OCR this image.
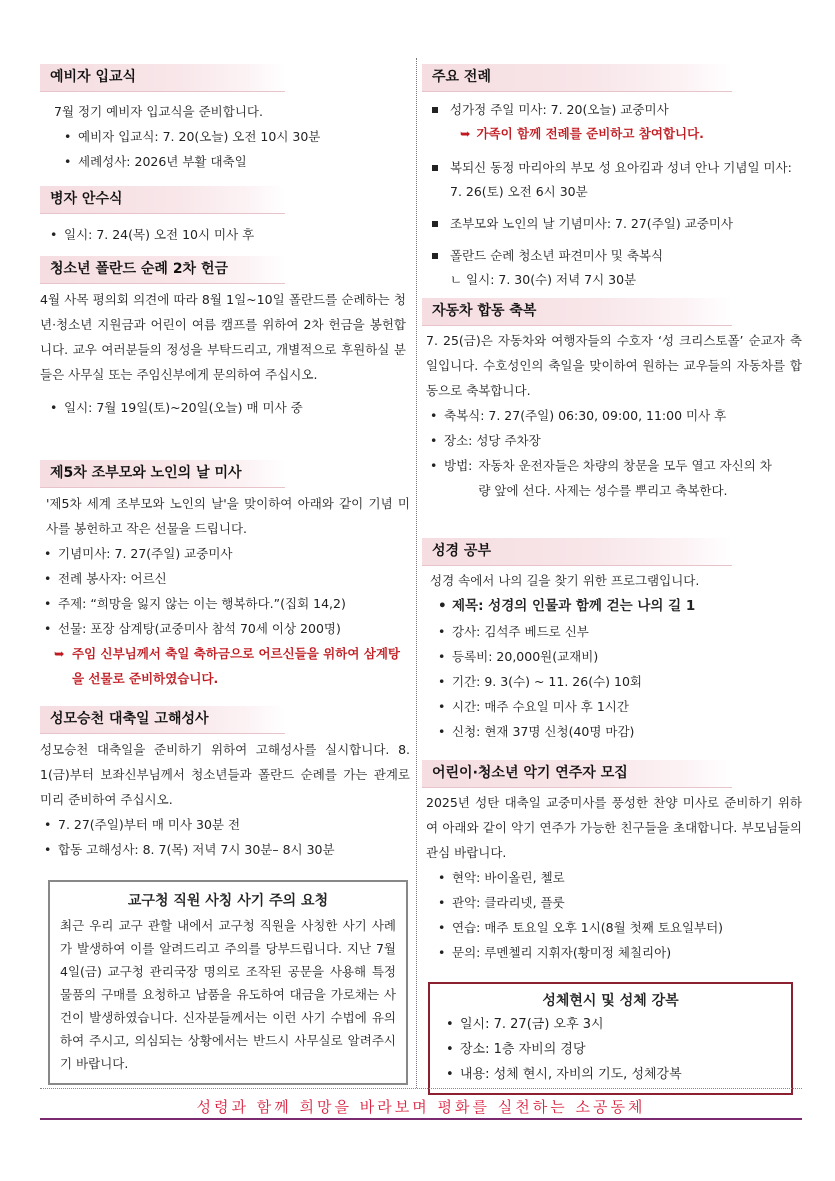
예비자 입교식
7월 정기 예비자 입교식을 준비합니다.
• 예비자 입교식: 7. 20(오늘) 오전 10시 30분
• 세례성사: 2026년 부활 대축일
병자 안수식
• 일시: 7. 24(목) 오전 10시 미사 후
청소년 폴란드 순례 2차 헌금
4월 사목 평의회 의견에 따라 8월 1일~10일 폴란드를 순례하는 청년·청소년 지원금과 어린이 여름 캠프를 위하여 2차 헌금을 봉헌합니다. 교우 여러분들의 정성을 부탁드리고, 개별적으로 후원하실 분들은 사무실 또는 주임신부에게 문의하여 주십시오.
• 일시: 7월 19일(토)~20일(오늘) 매 미사 중
제5차 조부모와 노인의 날 미사
'제5차 세계 조부모와 노인의 날'을 맞이하여 아래와 같이 기념 미사를 봉헌하고 작은 선물을 드립니다.
• 기념미사: 7. 27(주일) 교중미사
• 전례 봉사자: 어르신
• 주제: “희망을 잃지 않는 이는 행복하다.”(집회 14,2)
• 선물: 포장 삼계탕(교중미사 참석 70세 이상 200명)
➥ 주임 신부님께서 축일 축하금으로 어르신들을 위하여 삼계탕을 선물로 준비하였습니다.
성모승천 대축일 고해성사
성모승천 대축일을 준비하기 위하여 고해성사를 실시합니다. 8. 1(금)부터 보좌신부님께서 청소년들과 폴란드 순례를 가는 관계로 미리 준비하여 주십시오.
• 7. 27(주일)부터 매 미사 30분 전
• 합동 고해성사: 8. 7(목) 저녁 7시 30분– 8시 30분
교구청 직원 사칭 사기 주의 요청
최근 우리 교구 관할 내에서 교구청 직원을 사칭한 사기 사례가 발생하여 이를 알려드리고 주의를 당부드립니다. 지난 7월 4일(금) 교구청 관리국장 명의로 조작된 공문을 사용해 특정 물품의 구매를 요청하고 납품을 유도하여 대금을 가로채는 사건이 발생하였습니다. 신자분들께서는 이런 사기 수법에 유의하여 주시고, 의심되는 상황에서는 반드시 사무실로 알려주시기 바랍니다.
주요 전례
성가정 주일 미사: 7. 20(오늘) 교중미사
➥ 가족이 함께 전례를 준비하고 참여합니다.
복되신 동정 마리아의 부모 성 요아킴과 성녀 안나 기념일 미사: 7. 26(토) 오전 6시 30분
조부모와 노인의 날 기념미사: 7. 27(주일) 교중미사
폴란드 순례 청소년 파견미사 및 축복식
ㄴ 일시: 7. 30(수) 저녁 7시 30분
자동차 합동 축복
7. 25(금)은 자동차와 여행자들의 수호자 ‘성 크리스토폴’ 순교자 축일입니다. 수호성인의 축일을 맞이하여 원하는 교우들의 자동차를 합동으로 축복합니다.
• 축복식: 7. 27(주일) 06:30, 09:00, 11:00 미사 후
• 장소: 성당 주차장
• 방법: 자동차 운전자들은 차량의 창문을 모두 열고 자신의 차량 앞에 선다. 사제는 성수를 뿌리고 축복한다.
성경 공부
성경 속에서 나의 길을 찾기 위한 프로그램입니다.
• 제목: 성경의 인물과 함께 걷는 나의 길 1
• 강사: 김석주 베드로 신부
• 등록비: 20,000원(교재비)
• 기간: 9. 3(수) ~ 11. 26(수) 10회
• 시간: 매주 수요일 미사 후 1시간
• 신청: 현재 37명 신청(40명 마감)
어린이·청소년 악기 연주자 모집
2025년 성탄 대축일 교중미사를 풍성한 찬양 미사로 준비하기 위하여 아래와 같이 악기 연주가 가능한 친구들을 초대합니다. 부모님들의 관심 바랍니다.
• 현악: 바이올린, 첼로
• 관악: 클라리넷, 플룻
• 연습: 매주 토요일 오후 1시(8월 첫째 토요일부터)
• 문의: 루멘첼리 지휘자(황미정 체칠리아)
성체현시 및 성체 강복
• 일시: 7. 27(금) 오후 3시
• 장소: 1층 자비의 경당
• 내용: 성체 현시, 자비의 기도, 성체강복
성령과 함께 희망을 바라보며 평화를 실천하는 소공동체
